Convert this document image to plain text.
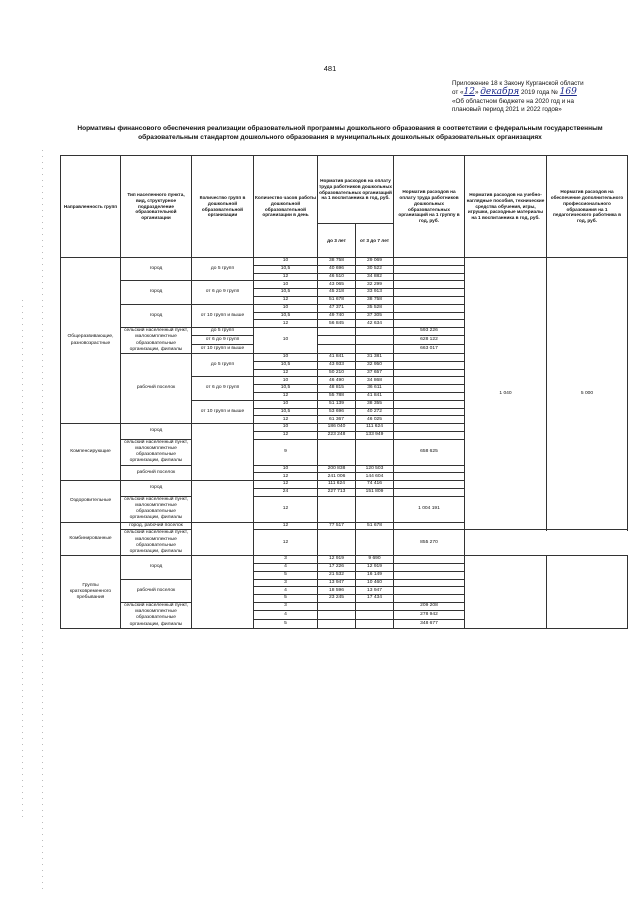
481
Приложение 18 к Закону Курганской области
от «12» декабря 2019 года № 169
«Об областном бюджете на 2020 год и на
плановый период 2021 и 2022 годов»
Нормативы финансового обеспечения реализации образовательной программы дошкольного образования в соответствии с федеральным государственным образовательным стандартом дошкольного образования в муниципальных дошкольных образовательных организациях
Направленность групп	Тип населенного пункта, вид, структурное подразделение образовательной организации	Количество групп в дошкольной образовательной организации	Количество часов работы дошкольной образовательной организации в день	Норматив расходов на оплату труда работников дошкольных образовательных организаций на 1 воспитанника в год, руб.		Норматив расходов на оплату труда работников дошкольных образовательных организаций на 1 группу в год, руб.	Норматив расходов на учебно-наглядные пособия, технические средства обучения, игры, игрушки, расходные материалы на 1 воспитанника в год, руб.	Норматив расходов на обеспечение дополнительного профессионального образования на 1 педагогического работника в год, руб.
				до 3 лет	от 3 до 7 лет			
Общеразвивающие, разновозрастные	город	до 5 групп	10	38 758	29 069		1 040	5 000
			10,5	40 696	30 522			
			12	46 510	34 882			
	город	от 6 до 9 групп	10	43 065	32 299			
			10,5	45 218	33 913			
			12	51 678	38 758			
	город	от 10 групп и выше	10	47 371	35 528			
			10,5	49 740	37 305			
			12	56 845	42 634			
	сельский населенный пункт, малокомплектные образовательные организации, филиалы	до 5 групп	10			593 226		

		от 6 до 9 групп				628 122		

		от 10 групп и выше				663 017		

	рабочий поселок	до 5 групп	10	41 841	31 381			
			10,5	43 933	32 950			
			12	50 210	37 657			
		от 6 до 9 групп	10	46 490	34 868			
			10,5	48 815	36 611			
			12	55 788	41 841			
		от 10 групп и выше	10	51 139	38 355			
			10,5	53 696	40 272			
			12	61 367	46 025			
Компенсирующие	город		10	186 040	111 624			
			12	223 248	133 949			
	сельский населенный пункт, малокомплектные образовательные организации, филиалы		9			658 625		

	рабочий поселок		10	200 838	120 503			
			12	241 006	144 604			
Оздоровительные	город		12	111 624	74 416			
			24	227 713	151 809			
	сельский населенный пункт, малокомплектные образовательные организации, филиалы		12			1 004 191		

Комбинированные	город, рабочий поселок		12	77 517	51 678			

	сельский населенный пункт, малокомплектные образовательные организации, филиалы		12			855 270		

Группы кратковременного пребывания	город		3	12 919	9 690			
			4	17 226	12 919			
			5	21 532	16 149			
	рабочий поселок		3	13 947	10 460			
			4	18 596	13 947			
			5	23 245	17 434			
	сельский населенный пункт, малокомплектные образовательные организации, филиалы		3			209 208		

			4			278 942		

			5			348 677		
